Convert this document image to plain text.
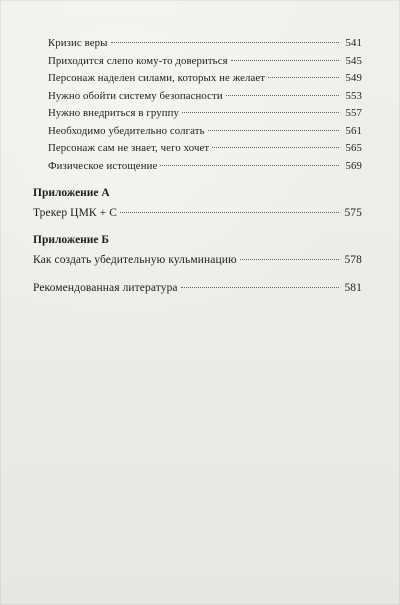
Кризис веры	541
Приходится слепо кому-то довериться	545
Персонаж наделен силами, которых не желает	549
Нужно обойти систему безопасности	553
Нужно внедриться в группу	557
Необходимо убедительно солгать	561
Персонаж сам не знает, чего хочет	565
Физическое истощение	569
Приложение А
Трекер ЦМК + С	575
Приложение Б
Как создать убедительную кульминацию	578
Рекомендованная литература	581
